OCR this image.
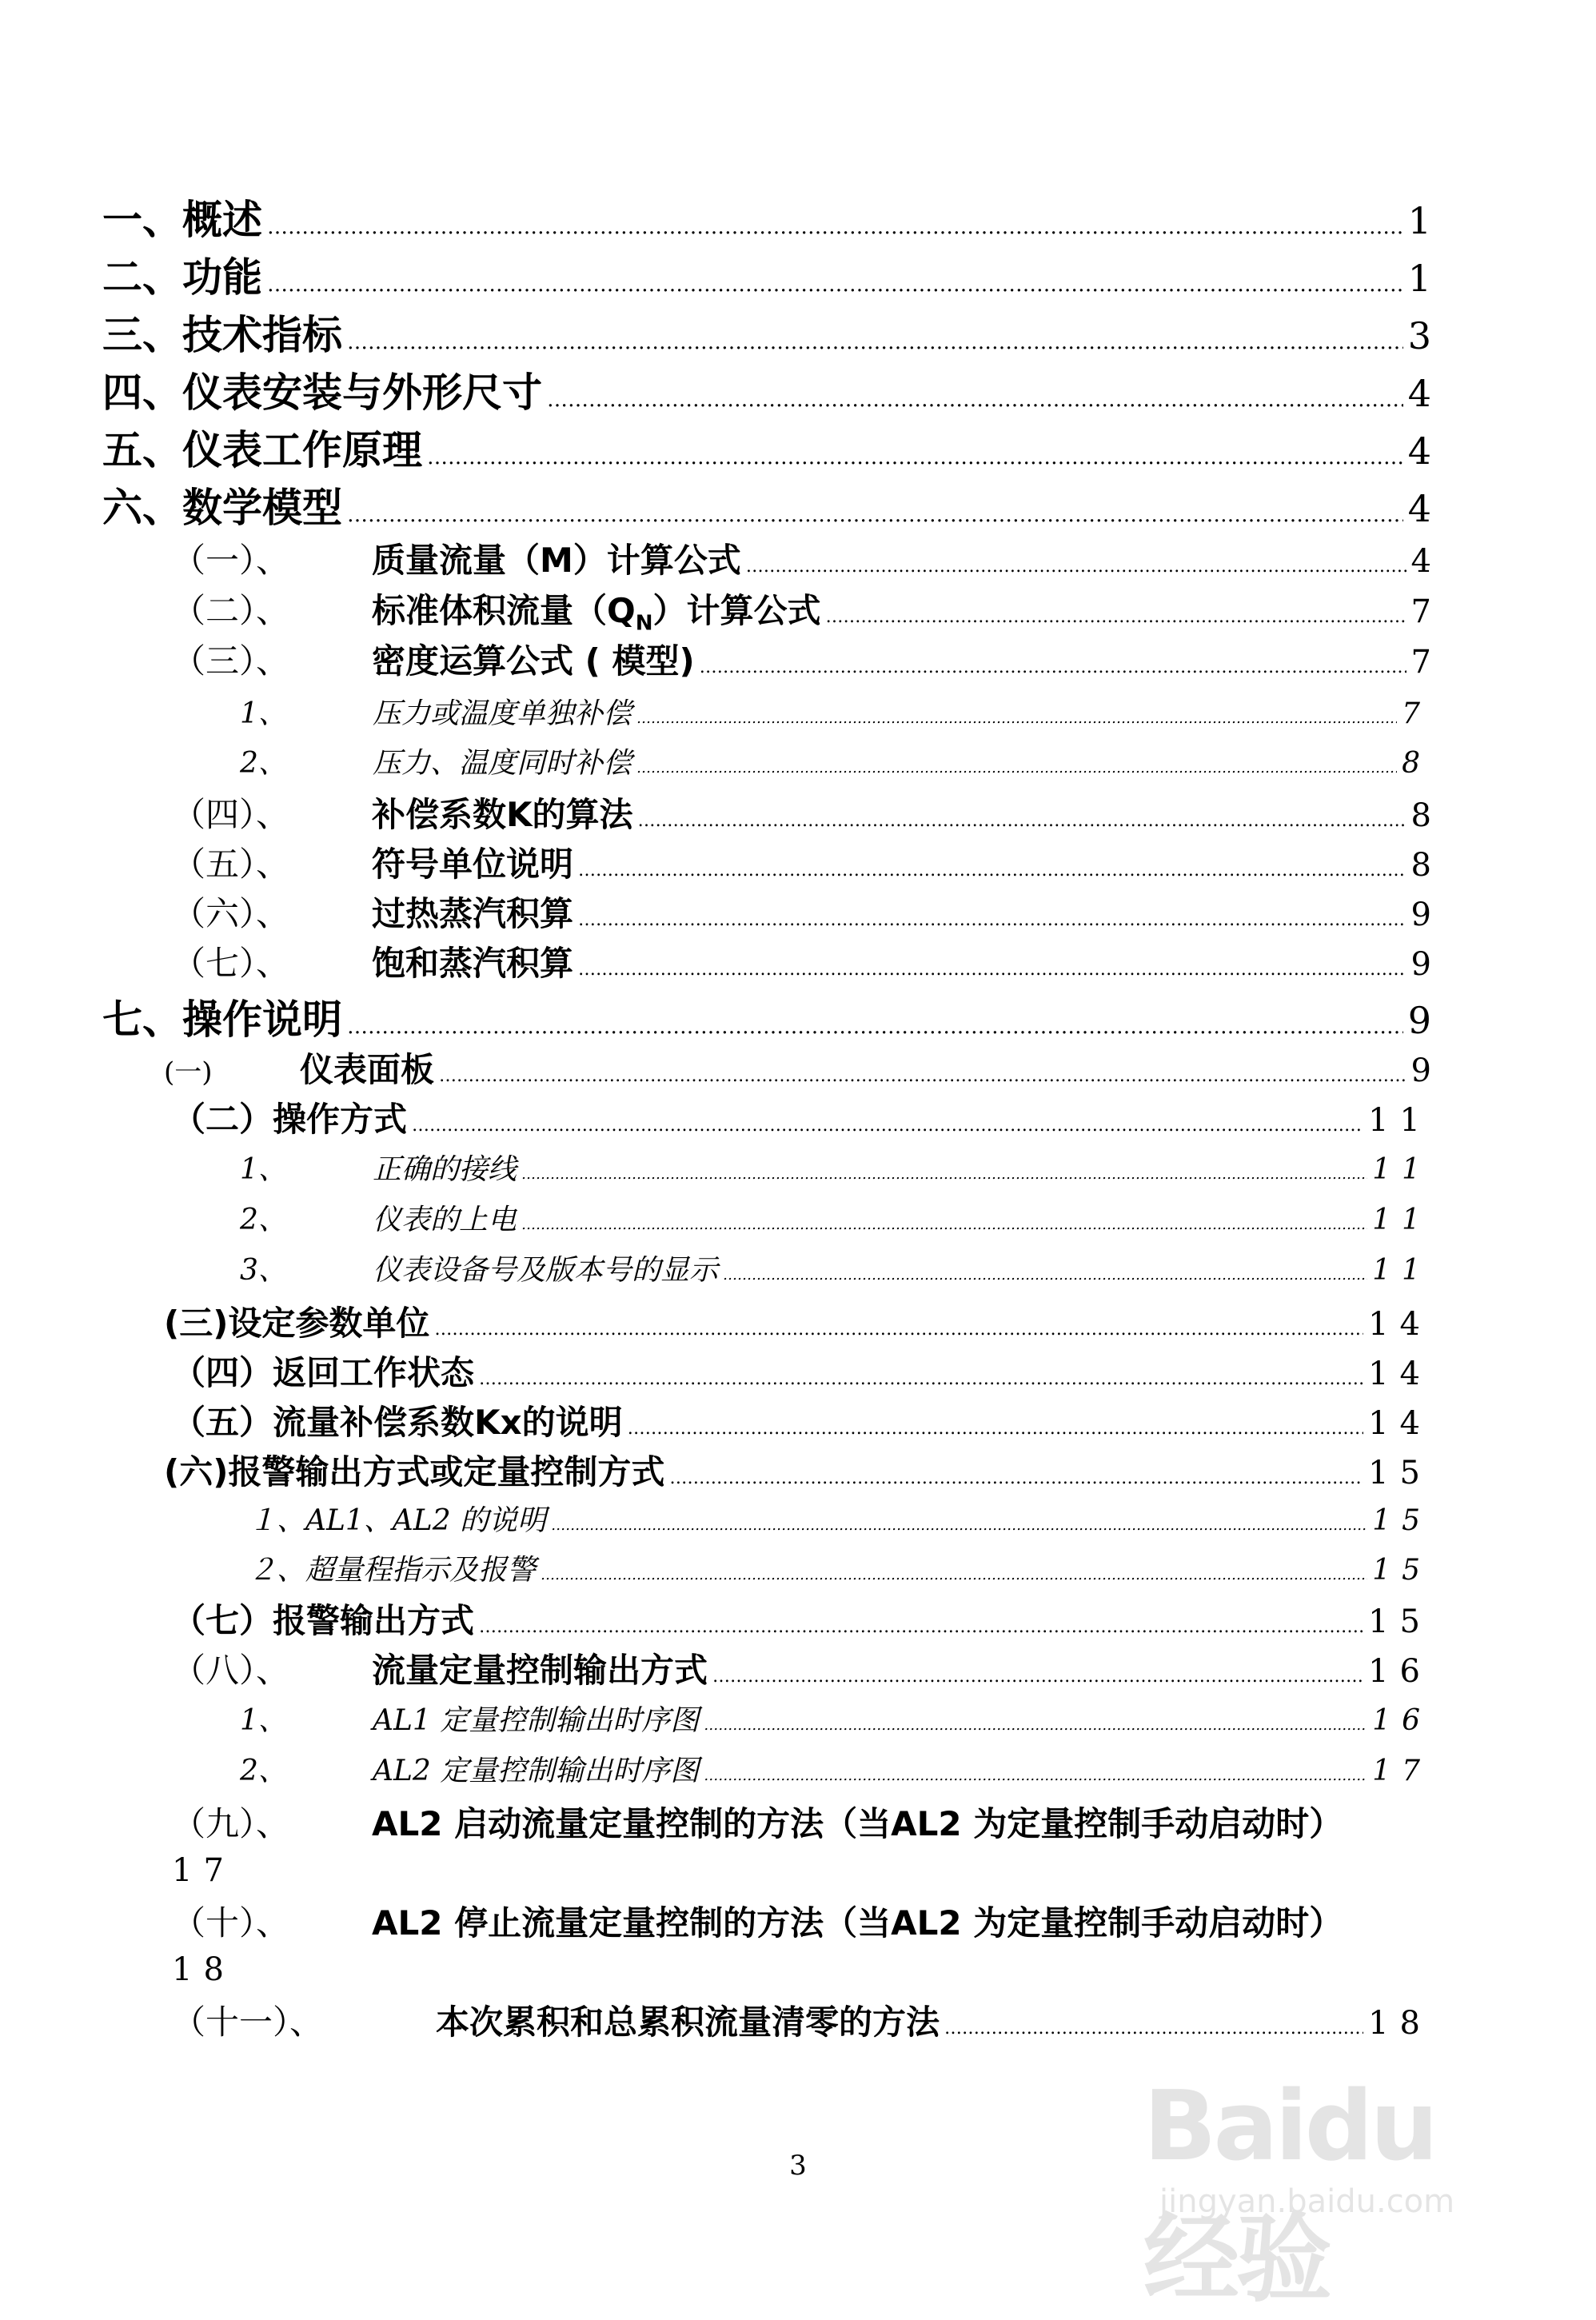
一、 概述 …………………………………………………………………………………………………………………………………………………………………………………………………………………………………………………………………………………	1
二、 功能 …………………………………………………………………………………………………………………………………………………………………………………………………………………………………………………………………………………	1
三、 技术指标 …………………………………………………………………………………………………………………………………………………………………………………………………………………………………………………………………………………	3
四、 仪表安装与外形尺寸 …………………………………………………………………………………………………………………………………………………………………………………………………………………………………………………………………………………	4
五、 仪表工作原理 …………………………………………………………………………………………………………………………………………………………………………………………………………………………………………………………………………………	4
六、 数学模型 …………………………………………………………………………………………………………………………………………………………………………………………………………………………………………………………………………………	4
（一）、	质量流量（M）计算公式 …………………………………………………………………………………………………………………………………………………………………………………………………………………………………………………………………………………	4
（二）、	标准体积流量$(Q_N)$计算公式 …………………………………………………………………………………………………………………………………………………………………………………………………………………………………………………………………………………	7
（三）、	密度运算公式 ( 模型) …………………………………………………………………………………………………………………………………………………………………………………………………………………………………………………………………………………	7
1、	压力或温度单独补偿 …………………………………………………………………………………………………………………………………………………………………………………………………………………………………………………………………………………	7
2、	压力、温度同时补偿 …………………………………………………………………………………………………………………………………………………………………………………………………………………………………………………………………………………	8
（四）、	补偿系数K的算法 …………………………………………………………………………………………………………………………………………………………………………………………………………………………………………………………………………………	8
（五）、	符号单位说明 …………………………………………………………………………………………………………………………………………………………………………………………………………………………………………………………………………………	8
（六）、	过热蒸汽积算 …………………………………………………………………………………………………………………………………………………………………………………………………………………………………………………………………………………	9
（七）、	饱和蒸汽积算 …………………………………………………………………………………………………………………………………………………………………………………………………………………………………………………………………………………	9
七、 操作说明 …………………………………………………………………………………………………………………………………………………………………………………………………………………………………………………………………………………	9
(一)	仪表面板 …………………………………………………………………………………………………………………………………………………………………………………………………………………………………………………………………………………	9
（二）操作方式 …………………………………………………………………………………………………………………………………………………………………………………………………………………………………………………………………………………	11
1、	正确的接线 …………………………………………………………………………………………………………………………………………………………………………………………………………………………………………………………………………………	11
2、	仪表的上电 …………………………………………………………………………………………………………………………………………………………………………………………………………………………………………………………………………………	11
3、	仪表设备号及版本号的显示 …………………………………………………………………………………………………………………………………………………………………………………………………………………………………………………………………………………	11
(三)设定参数单位 …………………………………………………………………………………………………………………………………………………………………………………………………………………………………………………………………………………	14
（四）返回工作状态 …………………………………………………………………………………………………………………………………………………………………………………………………………………………………………………………………………………	14
（五）流量补偿系数Kx的说明 …………………………………………………………………………………………………………………………………………………………………………………………………………………………………………………………………………………	14
(六)报警输出方式或定量控制方式 …………………………………………………………………………………………………………………………………………………………………………………………………………………………………………………………………………………	15
１、AL1、AL2 的说明 …………………………………………………………………………………………………………………………………………………………………………………………………………………………………………………………………………………	15
２、超量程指示及报警 …………………………………………………………………………………………………………………………………………………………………………………………………………………………………………………………………………………	15
（七）报警输出方式 …………………………………………………………………………………………………………………………………………………………………………………………………………………………………………………………………………………	15
（八）、	流量定量控制输出方式 …………………………………………………………………………………………………………………………………………………………………………………………………………………………………………………………………………………	16
1、	AL1 定量控制输出时序图 …………………………………………………………………………………………………………………………………………………………………………………………………………………………………………………………………………………	16
2、	AL2 定量控制输出时序图 …………………………………………………………………………………………………………………………………………………………………………………………………………………………………………………………………………………	17
（九）、	AL2 启动流量定量控制的方法（当AL2 为定量控制手动启动时）
17
（十）、	AL2 停止流量定量控制的方法（当AL2 为定量控制手动启动时）
18
（十一）、	本次累积和总累积流量清零的方法 …………………………………………………………………………………………………………………………………………………………………………………………………………………………………………………………………………………	18
3	Baidu经验
jingyan.baidu.com
